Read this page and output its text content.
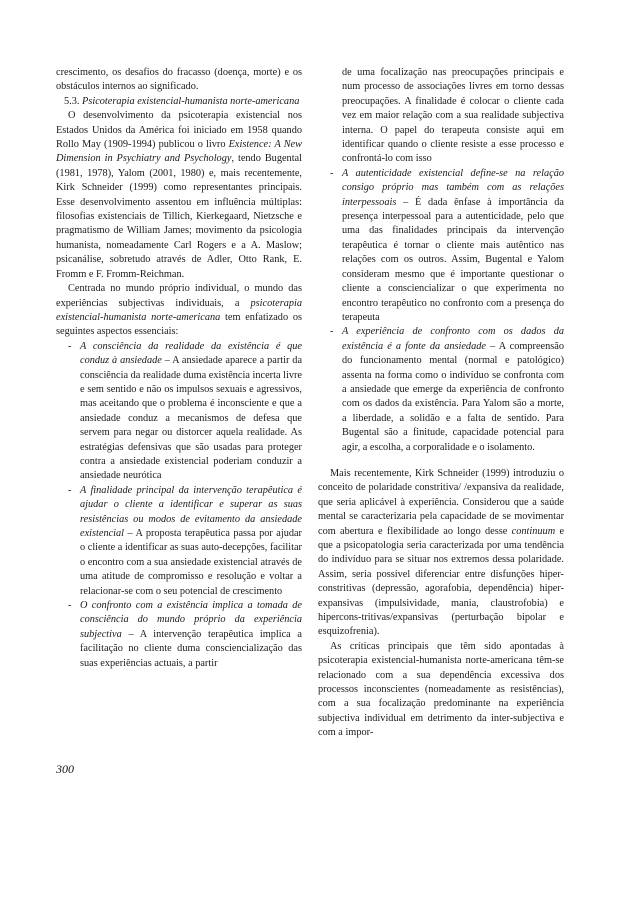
crescimento, os desafios do fracasso (doença, morte) e os obstáculos internos ao significado.

5.3. Psicoterapia existencial-humanista norte-americana

O desenvolvimento da psicoterapia existencial nos Estados Unidos da América foi iniciado em 1958 quando Rollo May (1909-1994) publicou o livro Existence: A New Dimension in Psychiatry and Psychology, tendo Bugental (1981, 1978), Yalom (2001, 1980) e, mais recentemente, Kirk Schneider (1999) como representantes principais. Esse desenvolvimento assentou em influência múltiplas: filosofias existenciais de Tillich, Kierkegaard, Nietzsche e pragmatismo de William James; movimento da psicologia humanista, nomeadamente Carl Rogers e a A. Maslow; psicanálise, sobretudo através de Adler, Otto Rank, E. Fromm e F. Fromm-Reichman.

Centrada no mundo próprio individual, o mundo das experiências subjectivas individuais, a psicoterapia existencial-humanista norte-americana tem enfatizado os seguintes aspectos essenciais:

- A consciência da realidade da existência é que conduz à ansiedade – A ansiedade aparece a partir da consciência da realidade duma existência incerta livre e sem sentido e não os impulsos sexuais e agressivos, mas aceitando que o problema é inconsciente e que a ansiedade conduz a mecanismos de defesa que servem para negar ou distorcer aquela realidade. As estratégias defensivas que são usadas para proteger contra a ansiedade existencial poderiam conduzir a ansiedade neurótica
- A finalidade principal da intervenção terapêutica é ajudar o cliente a identificar e superar as suas resistências ou modos de evitamento da ansiedade existencial – A proposta terapêutica passa por ajudar o cliente a identificar as suas auto-decepções, facilitar o encontro com a sua ansiedade existencial através de uma atitude de compromisso e resolução e voltar a relacionar-se com o seu potencial de crescimento
- O confronto com a existência implica a tomada de consciência do mundo próprio da experiência subjectiva – A intervenção terapêutica implica a facilitação no cliente duma consciencialização das suas experiências actuais, a partir
de uma focalização nas preocupações principais e num processo de associações livres em torno dessas preocupações. A finalidade é colocar o cliente cada vez em maior relação com a sua realidade subjectiva interna. O papel do terapeuta consiste aqui em identificar quando o cliente resiste a esse processo e confrontá-lo com isso
- A autenticidade existencial define-se na relação consigo próprio mas também com as relações interpessoais – É dada ênfase à importância da presença interpessoal para a autenticidade, pelo que uma das finalidades principais da intervenção terapêutica é tornar o cliente mais autêntico nas relações com os outros. Assim, Bugental e Yalom consideram mesmo que é importante questionar o cliente a consciencializar o que experimenta no encontro terapêutico no confronto com a presença do terapeuta
- A experiência de confronto com os dados da existência é a fonte da ansiedade – A compreensão do funcionamento mental (normal e patológico) assenta na forma como o indivíduo se confronta com a ansiedade que emerge da experiência de confronto com os dados da existência. Para Yalom são a morte, a liberdade, a solidão e a falta de sentido. Para Bugental são a finitude, capacidade potencial para agir, a escolha, a corporalidade e o isolamento.

Mais recentemente, Kirk Schneider (1999) introduziu o conceito de polaridade constritiva/ /expansiva da realidade, que seria aplicável à experiência. Considerou que a saúde mental se caracterizaria pela capacidade de se movimentar com abertura e flexibilidade ao longo desse continuum e que a psicopatologia seria caracterizada por uma tendência do indivíduo para se situar nos extremos dessa polaridade. Assim, seria possível diferenciar entre disfunções hiper-constritivas (depressão, agorafobia, dependência) hiper-expansivas (impulsividade, mania, claustrofobia) e hipercons-tritivas/expansivas (perturbação bipolar e esquizofrenia).

As críticas principais que têm sido apontadas à psicoterapia existencial-humanista norte-americana têm-se relacionado com a sua dependência excessiva dos processos inconscientes (nomeadamente as resistências), com a sua focalização predominante na experiência subjectiva individual em detrimento da inter-subjectiva e com a impor-

300
